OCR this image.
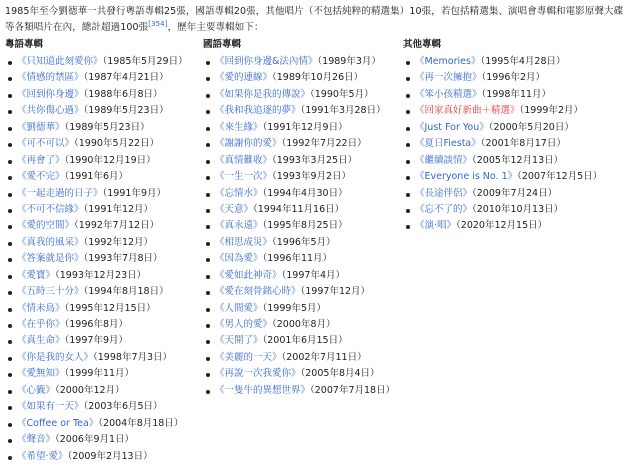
1985年至今劉德華一共發行粵語專輯25張，國語專輯20張，其他唱片（不包括純粹的精選集）10張，若包括精選集、演唱會專輯和電影原聲大碟等各類唱片在內，總計超過100張[354]，歷年主要專輯如下：
粵語專輯
《只知道此刻愛你》（1985年5月29日）
《情感的禁區》（1987年4月21日）
《回到你身邊》（1988年6月8日）
《共你傷心過》（1989年5月23日）
《劉德華》（1989年5月23日）
《可不可以》（1990年5月22日）
《再會了》（1990年12月19日）
《愛不完》（1991年6月）
《一起走過的日子》（1991年9月）
《不可不信緣》（1991年12月）
《愛的空間》（1992年7月12日）
《真我的風采》（1992年12月）
《答案就是你》（1993年7月8日）
《愛寶》（1993年12月23日）
《五時三十分》（1994年8月18日）
《情未鳥》（1995年12月15日）
《在乎你》（1996年8月）
《真生命》（1997年9月）
《你是我的女人》（1998年7月3日）
《愛無知》（1999年11月）
《心籤》（2000年12月）
《如果有一天》（2003年6月5日）
《Coffee or Tea》（2004年8月18日）
《聲音》（2006年9月1日）
《希望·愛》（2009年2月13日）
國語專輯
《回到你身邊&法內情》（1989年3月）
《愛的連線》（1989年10月26日）
《如果你是我的傳說》（1990年5月）
《我和我追逐的夢》（1991年3月28日）
《來生緣》（1991年12月9日）
《謝謝你的愛》（1992年7月22日）
《真情難收》（1993年3月25日）
《一生一次》（1993年9月2日）
《忘情水》（1994年4月30日）
《天意》（1994年11月16日）
《真永遠》（1995年8月25日）
《相思成災》（1996年5月）
《因為愛》（1996年11月）
《愛如此神奇》（1997年4月）
《愛在刻骨銘心時》（1997年12月）
《人間愛》（1999年5月）
《男人的愛》（2000年8月）
《天開了》（2001年6月15日）
《美麗的一天》（2002年7月11日）
《再說一次我愛你》（2005年8月4日）
《一隻牛的異想世界》（2007年7月18日）
其他專輯
《Memories》（1995年4月28日）
《再一次擁抱》（1996年2月）
《笨小孩精選》（1998年11月）
《回家真好新曲＋精選》（1999年2月）
《Just For You》（2000年5月20日）
《夏日Fiesta》（2001年8月17日）
《繼續談情》（2005年12月13日）
《Everyone is No. 1》（2007年12月5日）
《長途伴侶》（2009年7月24日）
《忘不了的》（2010年10月13日）
《演·唱》（2020年12月15日）
